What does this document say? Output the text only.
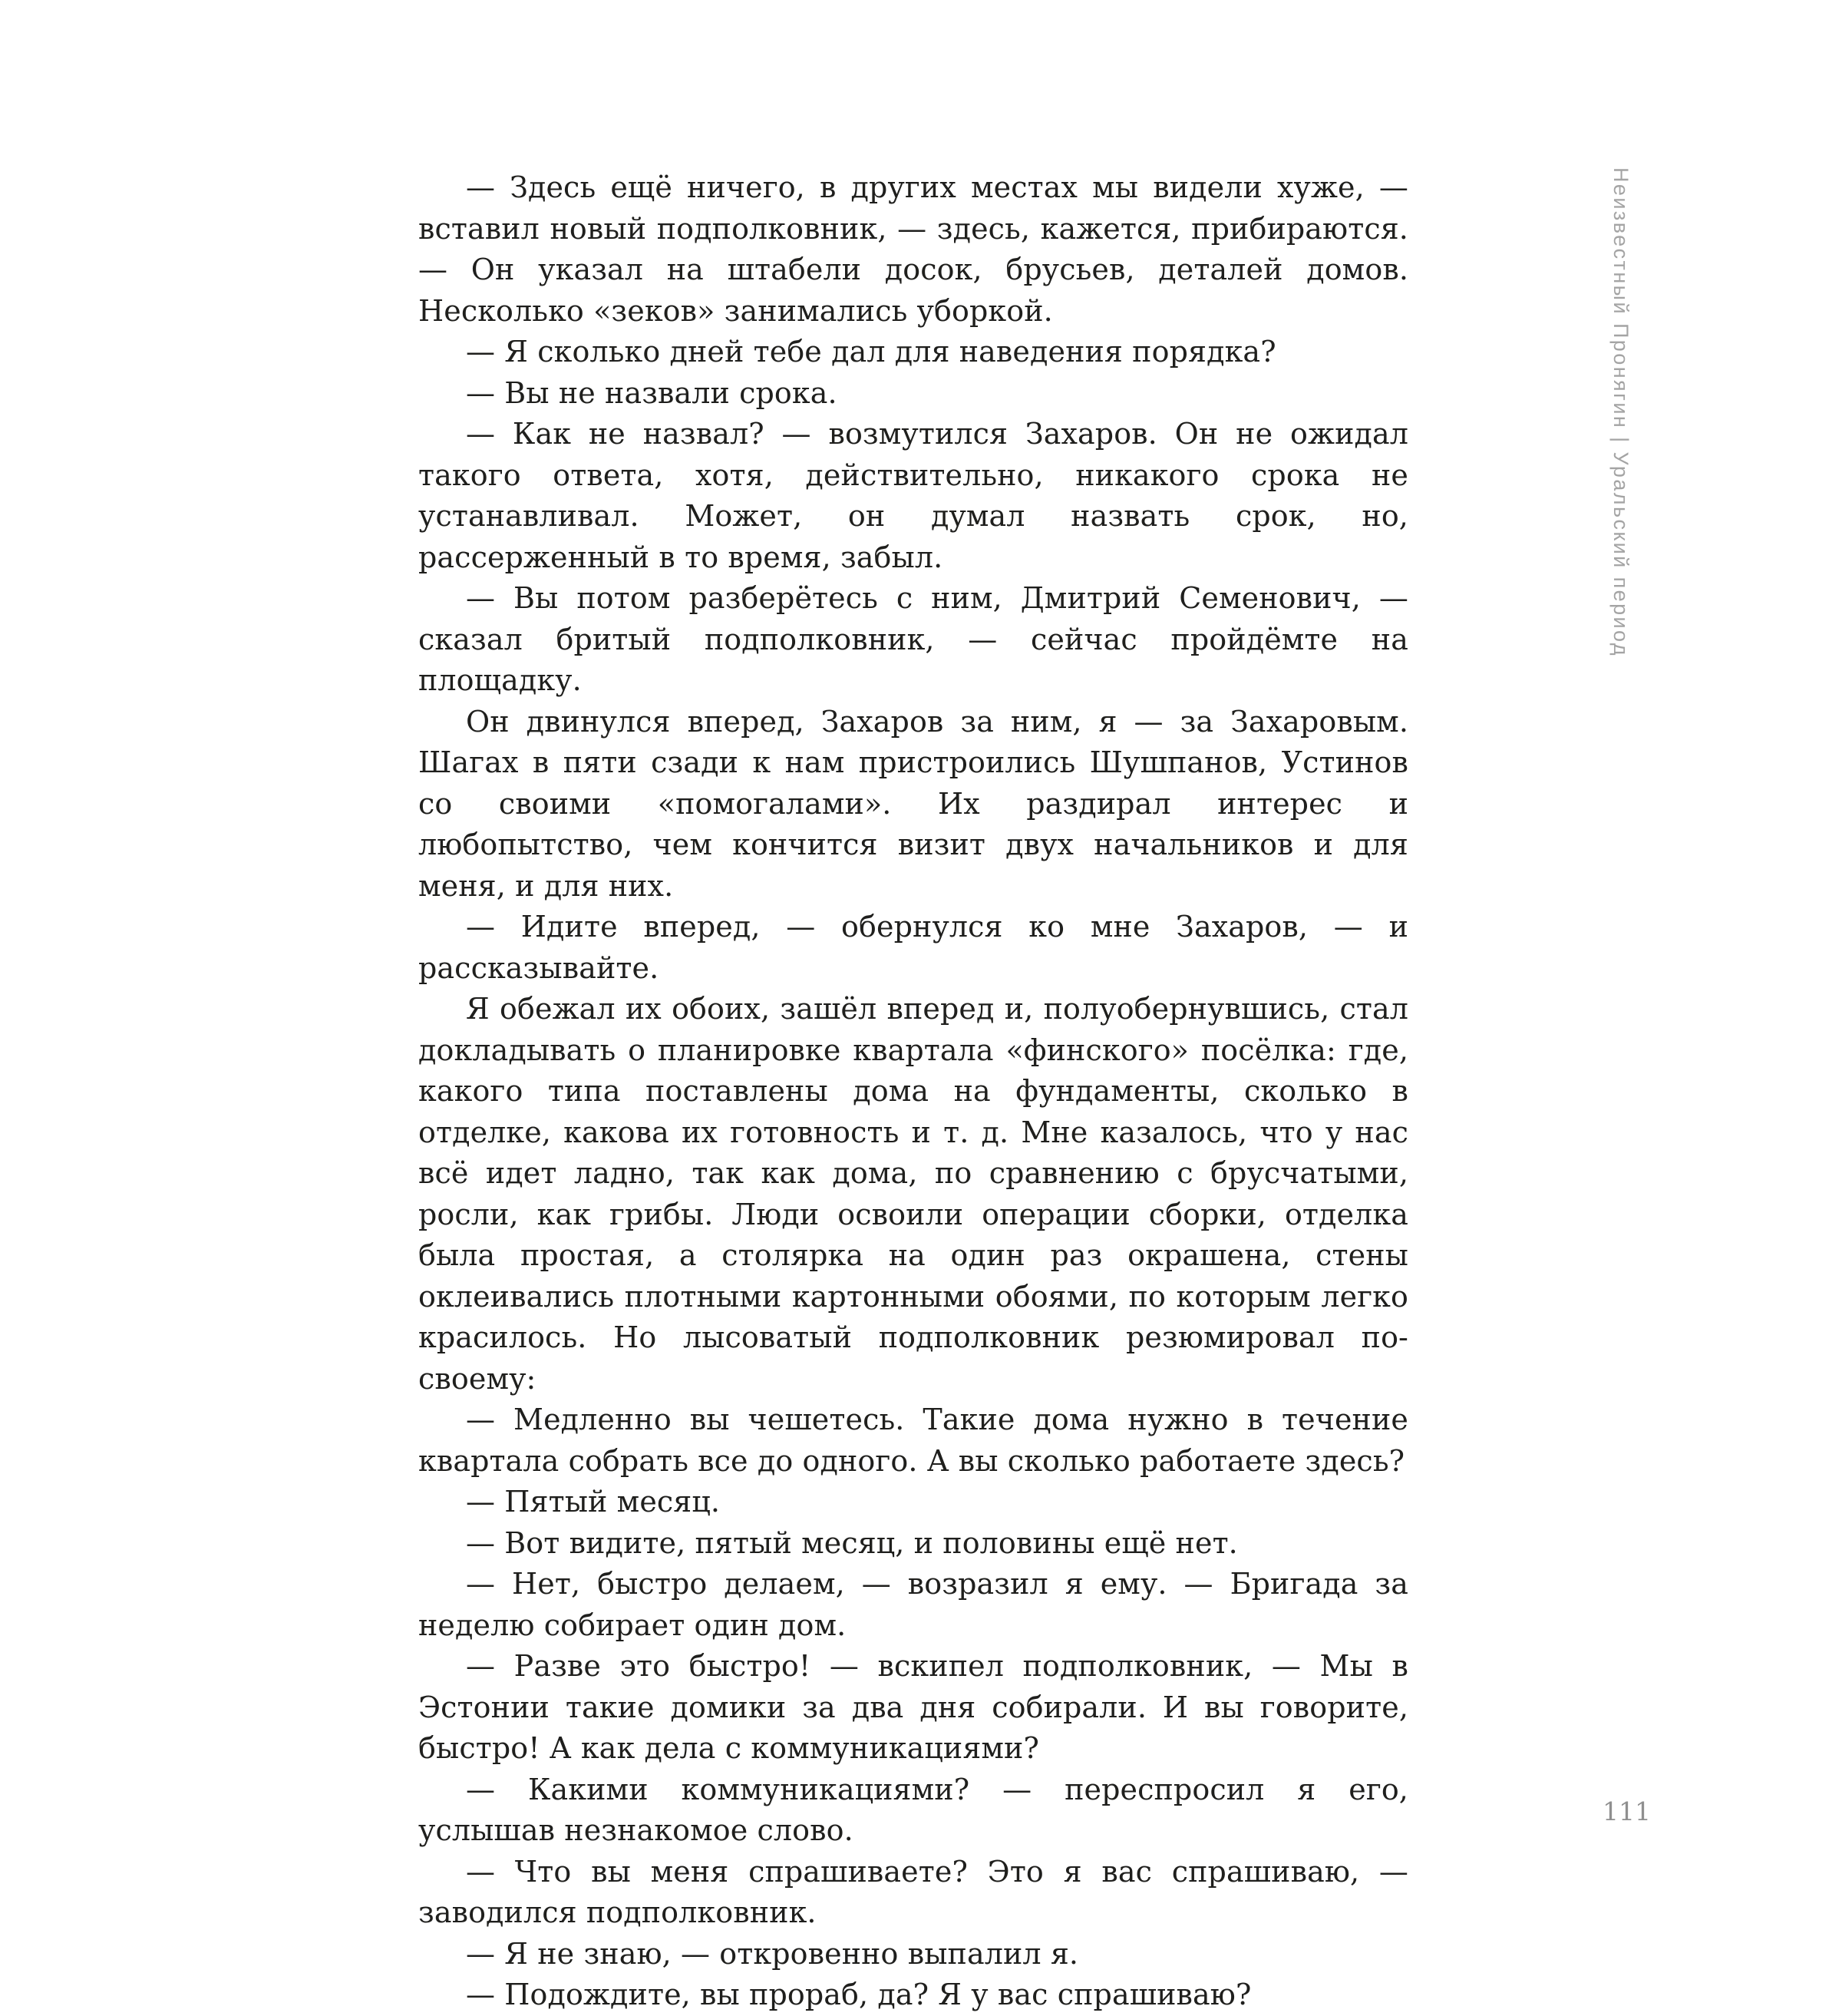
— Здесь ещё ничего, в других местах мы видели хуже, — вставил новый подполковник, — здесь, кажется, прибираются. — Он указал на штабели досок, брусьев, деталей домов. Несколько «зеков» занимались уборкой.

— Я сколько дней тебе дал для наведения порядка?

— Вы не назвали срока.

— Как не назвал? — возмутился Захаров. Он не ожидал такого ответа, хотя, действительно, никакого срока не устанавливал. Может, он думал назвать срок, но, рассерженный в то время, забыл.

— Вы потом разберётесь с ним, Дмитрий Семенович, — сказал бритый подполковник, — сейчас пройдёмте на площадку.

Он двинулся вперед, Захаров за ним, я — за Захаровым. Шагах в пяти сзади к нам пристроились Шушпанов, Устинов со своими «помогалами». Их раздирал интерес и любопытство, чем кончится визит двух начальников и для меня, и для них.

— Идите вперед, — обернулся ко мне Захаров, — и рассказывайте.

Я обежал их обоих, зашёл вперед и, полуобернувшись, стал докладывать о планировке квартала «финского» посёлка: где, какого типа поставлены дома на фундаменты, сколько в отделке, какова их готовность и т. д. Мне казалось, что у нас всё идет ладно, так как дома, по сравнению с брусчатыми, росли, как грибы. Люди освоили операции сборки, отделка была простая, а столярка на один раз окрашена, стены оклеивались плотными картонными обоями, по которым легко красилось. Но лысоватый подполковник резюмировал по-своему:

— Медленно вы чешетесь. Такие дома нужно в течение квартала собрать все до одного. А вы сколько работаете здесь?

— Пятый месяц.

— Вот видите, пятый месяц, и половины ещё нет.

— Нет, быстро делаем, — возразил я ему. — Бригада за неделю собирает один дом.

— Разве это быстро! — вскипел подполковник, — Мы в Эстонии такие домики за два дня собирали. И вы говорите, быстро! А как дела с коммуникациями?

— Какими коммуникациями? — переспросил я его, услышав незнакомое слово.

— Что вы меня спрашиваете? Это я вас спрашиваю, — заводился подполковник.

— Я не знаю, — откровенно выпалил я.

— Подождите, вы прораб, да? Я у вас спрашиваю?

Неизвестный Пронягин | Уральский период
111
